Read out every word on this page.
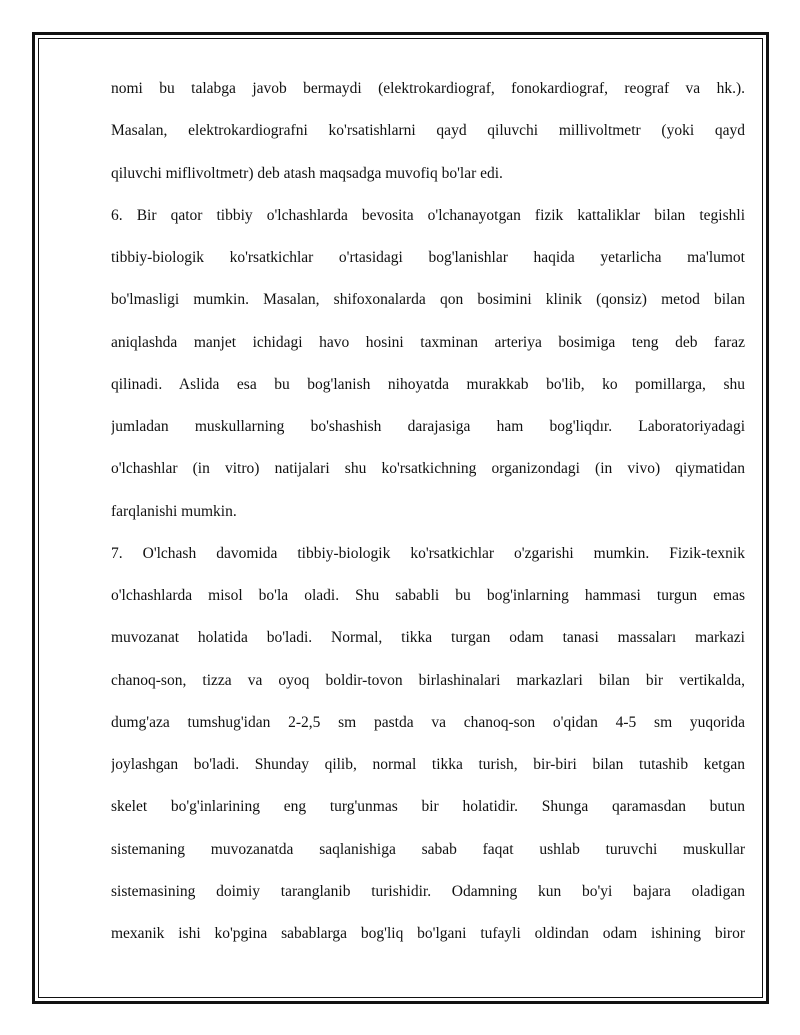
nomi bu talabga javob bermaydi (elektrokardiograf, fonokardiograf, reograf va hk.).
Masalan, elektrokardiografni ko'rsatishlarni qayd qiluvchi millivoltmetr (yoki qayd
qiluvchi miflivoltmetr) deb atash maqsadga muvofiq bo'lar edi.
6. Bir qator tibbiy o'lchashlarda bevosita o'lchanayotgan fizik kattaliklar bilan tegishli
tibbiy-biologik ko'rsatkichlar o'rtasidagi bog'lanishlar haqida yetarlicha ma'lumot
bo'lmasligi mumkin. Masalan, shifoxonalarda qon bosimini klinik (qonsiz) metod bilan
aniqlashda manjet ichidagi havo hosini taxminan arteriya bosimiga teng deb faraz
qilinadi. Aslida esa bu bog'lanish nihoyatda murakkab bo'lib, ko pomillarga, shu
jumladan muskullarning bo'shashish darajasiga ham bog'liqdır. Laboratoriyadagi
o'lchashlar (in vitro) natijalari shu ko'rsatkichning organizondagi (in vivo) qiymatidan
farqlanishi mumkin.
7. O'lchash davomida tibbiy-biologik ko'rsatkichlar o'zgarishi mumkin. Fizik-texnik
o'lchashlarda misol bo'la oladi. Shu sababli bu bog'inlarning hammasi turgun emas
muvozanat holatida bo'ladi. Normal, tikka turgan odam tanasi massaları markazi
chanoq-son, tizza va oyoq boldir-tovon birlashinalari markazlari bilan bir vertikalda,
dumg'aza tumshug'idan 2-2,5 sm pastda va chanoq-son o'qidan 4-5 sm yuqorida
joylashgan bo'ladi. Shunday qilib, normal tikka turish, bir-biri bilan tutashib ketgan
skelet bo'g'inlarining eng turg'unmas bir holatidir. Shunga qaramasdan butun
sistemaning muvozanatda saqlanishiga sabab faqat ushlab turuvchi muskullar
sistemasining doimiy taranglanib turishidir. Odamning kun bo'yi bajara oladigan
mexanik ishi ko'pgina sabablarga bog'liq bo'lgani tufayli oldindan odam ishining biror
